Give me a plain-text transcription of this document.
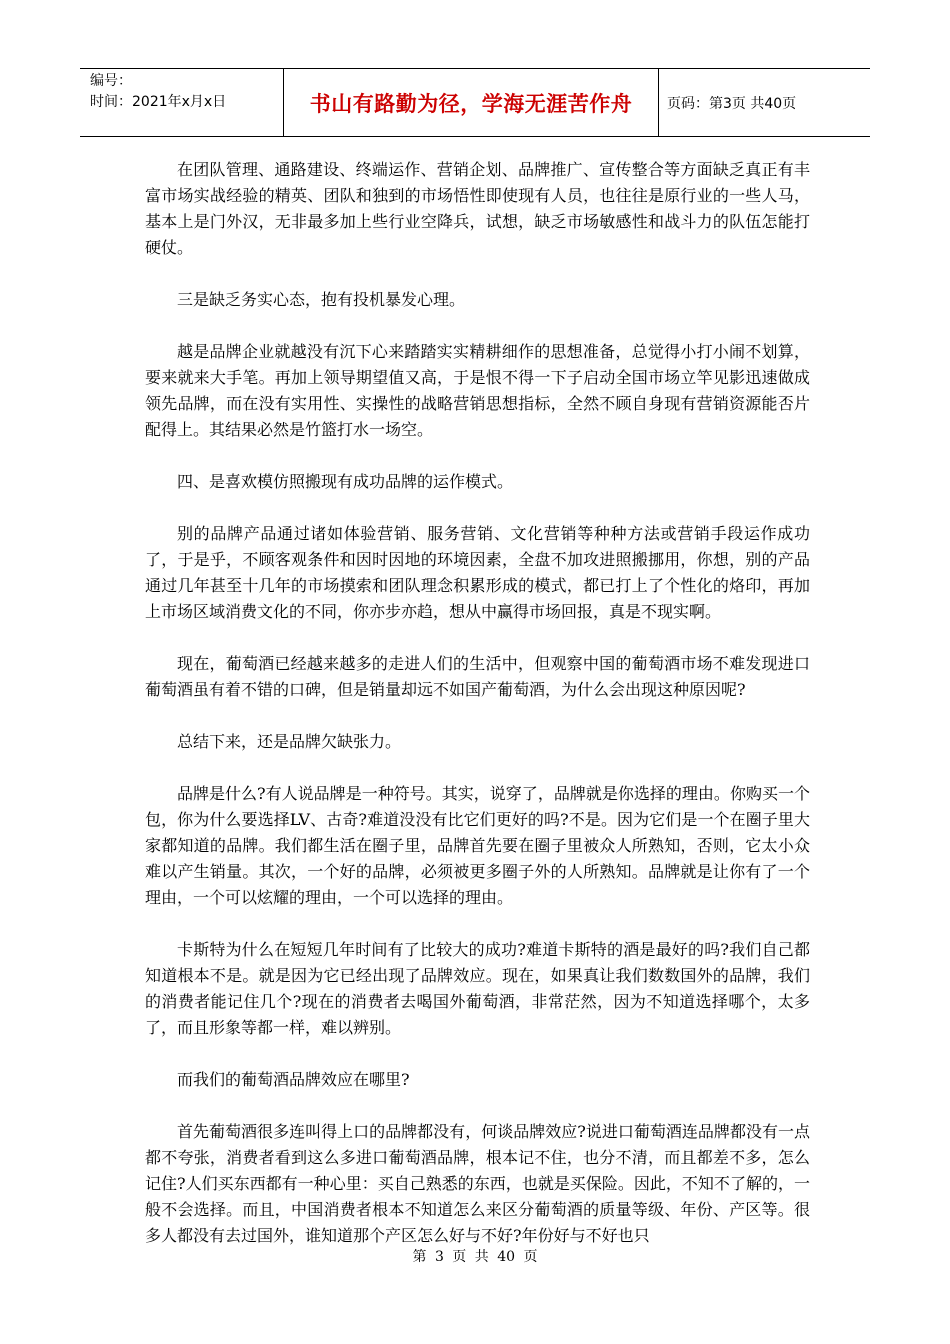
编号：
时间：2021年x月x日	书山有路勤为径，学海无涯苦作舟	页码：第3页 共40页

在团队管理、通路建设、终端运作、营销企划、品牌推广、宣传整合等方面缺乏真正有丰富市场实战经验的精英、团队和独到的市场悟性即使现有人员，也往往是原行业的一些人马，基本上是门外汉，无非最多加上些行业空降兵，试想，缺乏市场敏感性和战斗力的队伍怎能打硬仗。

三是缺乏务实心态，抱有投机暴发心理。

越是品牌企业就越没有沉下心来踏踏实实精耕细作的思想准备，总觉得小打小闹不划算，要来就来大手笔。再加上领导期望值又高，于是恨不得一下子启动全国市场立竿见影迅速做成领先品牌，而在没有实用性、实操性的战略营销思想指标，全然不顾自身现有营销资源能否片配得上。其结果必然是竹篮打水一场空。

四、是喜欢模仿照搬现有成功品牌的运作模式。

别的品牌产品通过诸如体验营销、服务营销、文化营销等种种方法或营销手段运作成功了，于是乎，不顾客观条件和因时因地的环境因素，全盘不加攻进照搬挪用，你想，别的产品通过几年甚至十几年的市场摸索和团队理念积累形成的模式，都已打上了个性化的烙印，再加上市场区域消费文化的不同，你亦步亦趋，想从中赢得市场回报，真是不现实啊。

现在，葡萄酒已经越来越多的走进人们的生活中，但观察中国的葡萄酒市场不难发现进口葡萄酒虽有着不错的口碑，但是销量却远不如国产葡萄酒，为什么会出现这种原因呢?

总结下来，还是品牌欠缺张力。

品牌是什么?有人说品牌是一种符号。其实，说穿了，品牌就是你选择的理由。你购买一个包，你为什么要选择LV、古奇?难道没没有比它们更好的吗?不是。因为它们是一个在圈子里大家都知道的品牌。我们都生活在圈子里，品牌首先要在圈子里被众人所熟知，否则，它太小众难以产生销量。其次，一个好的品牌，必须被更多圈子外的人所熟知。品牌就是让你有了一个理由，一个可以炫耀的理由，一个可以选择的理由。

卡斯特为什么在短短几年时间有了比较大的成功?难道卡斯特的酒是最好的吗?我们自己都知道根本不是。就是因为它已经出现了品牌效应。现在，如果真让我们数数国外的品牌，我们的消费者能记住几个?现在的消费者去喝国外葡萄酒，非常茫然，因为不知道选择哪个，太多了，而且形象等都一样，难以辨别。

而我们的葡萄酒品牌效应在哪里?

首先葡萄酒很多连叫得上口的品牌都没有，何谈品牌效应?说进口葡萄酒连品牌都没有一点都不夸张，消费者看到这么多进口葡萄酒品牌，根本记不住，也分不清，而且都差不多，怎么记住?人们买东西都有一种心里：买自己熟悉的东西，也就是买保险。因此，不知不了解的，一般不会选择。而且，中国消费者根本不知道怎么来区分葡萄酒的质量等级、年份、产区等。很多人都没有去过国外，谁知道那个产区怎么好与不好?年份好与不好也只

第 3 页 共 40 页
